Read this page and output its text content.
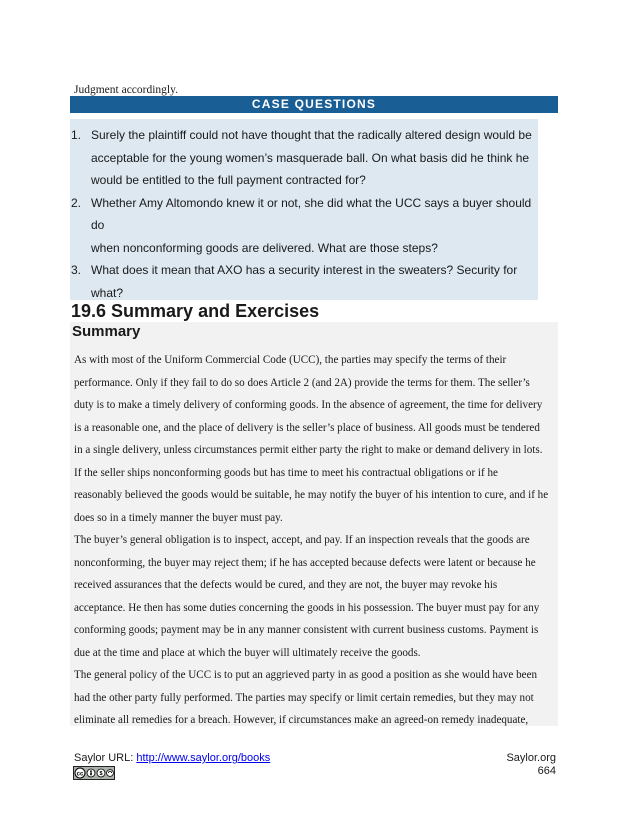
Judgment accordingly.
CASE QUESTIONS
1. Surely the plaintiff could not have thought that the radically altered design would be
acceptable for the young women’s masquerade ball. On what basis did he think he
would be entitled to the full payment contracted for?
2. Whether Amy Altomondo knew it or not, she did what the UCC says a buyer should do
when nonconforming goods are delivered. What are those steps?
3. What does it mean that AXO has a security interest in the sweaters? Security for what?
19.6 Summary and Exercises
Summary

As with most of the Uniform Commercial Code (UCC), the parties may specify the terms of their
performance. Only if they fail to do so does Article 2 (and 2A) provide the terms for them. The seller’s
duty is to make a timely delivery of conforming goods. In the absence of agreement, the time for delivery
is a reasonable one, and the place of delivery is the seller’s place of business. All goods must be tendered
in a single delivery, unless circumstances permit either party the right to make or demand delivery in lots.
If the seller ships nonconforming goods but has time to meet his contractual obligations or if he
reasonably believed the goods would be suitable, he may notify the buyer of his intention to cure, and if he
does so in a timely manner the buyer must pay.

The buyer’s general obligation is to inspect, accept, and pay. If an inspection reveals that the goods are
nonconforming, the buyer may reject them; if he has accepted because defects were latent or because he
received assurances that the defects would be cured, and they are not, the buyer may revoke his
acceptance. He then has some duties concerning the goods in his possession. The buyer must pay for any
conforming goods; payment may be in any manner consistent with current business customs. Payment is
due at the time and place at which the buyer will ultimately receive the goods.

The general policy of the UCC is to put an aggrieved party in as good a position as she would have been
had the other party fully performed. The parties may specify or limit certain remedies, but they may not
eliminate all remedies for a breach. However, if circumstances make an agreed-on remedy inadequate,

Saylor URL: http://www.saylor.org/books
cc	$
Saylor.org
664
